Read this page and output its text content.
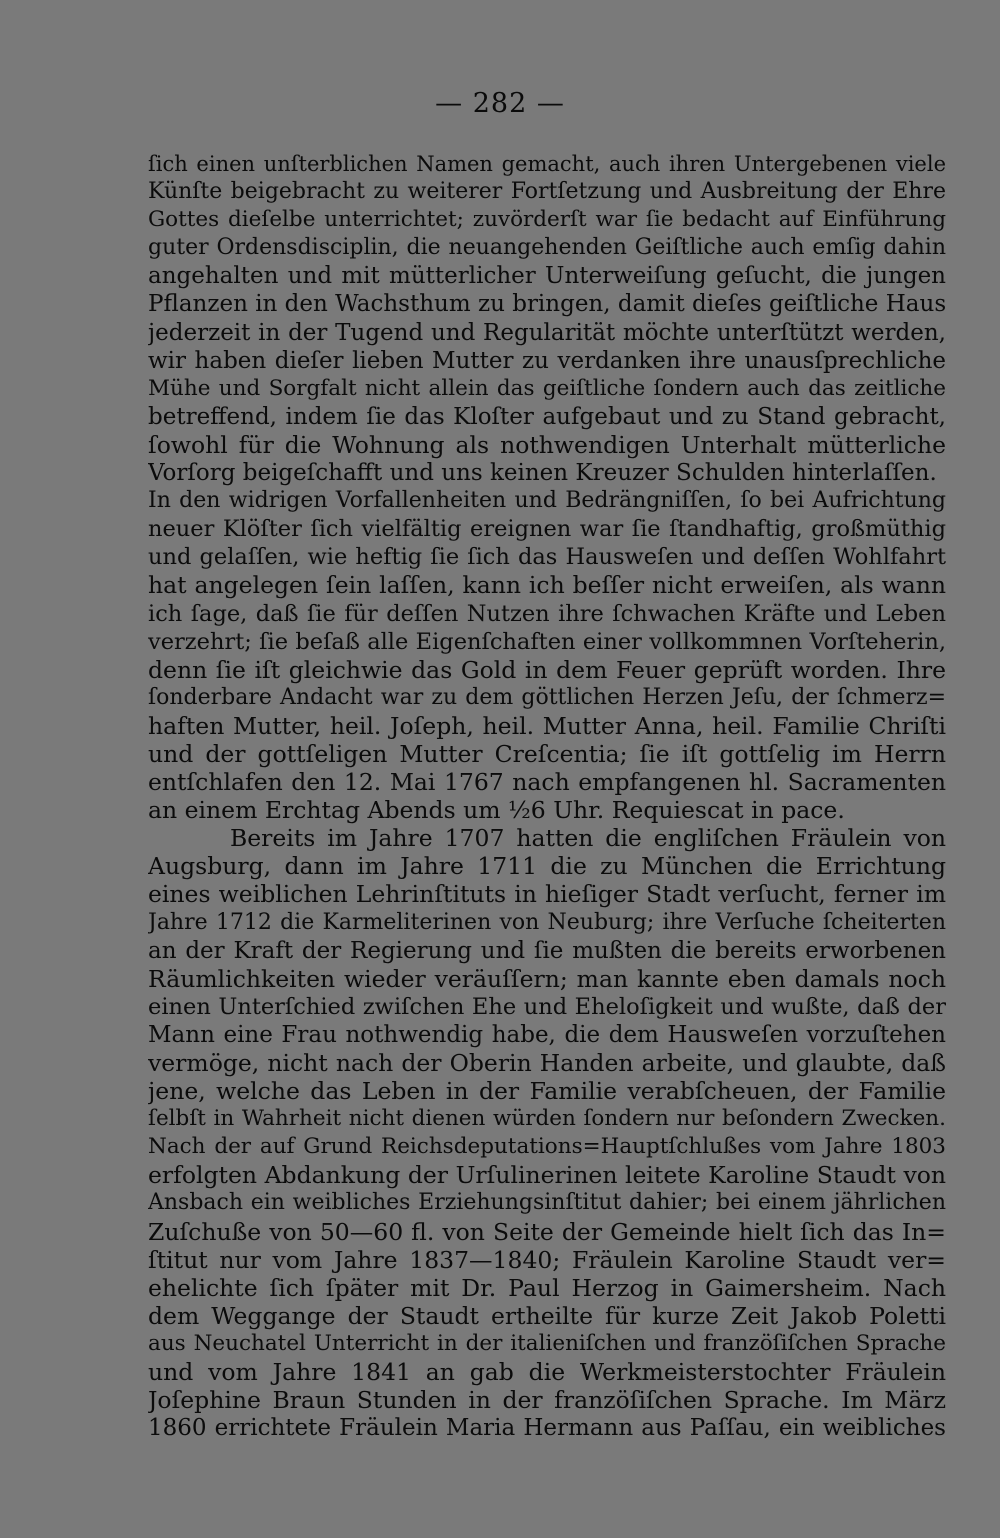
— 282 —
ſich einen unſterblichen Namen gemacht, auch ihren Untergebenen viele
Künſte beigebracht zu weiterer Fortſetzung und Ausbreitung der Ehre
Gottes dieſelbe unterrichtet; zuvörderſt war ſie bedacht auf Einführung
guter Ordensdisciplin, die neuangehenden Geiſtliche auch emſig dahin
angehalten und mit mütterlicher Unterweiſung geſucht, die jungen
Pflanzen in den Wachsthum zu bringen, damit dieſes geiſtliche Haus
jederzeit in der Tugend und Regularität möchte unterſtützt werden,
wir haben dieſer lieben Mutter zu verdanken ihre unausſprechliche
Mühe und Sorgfalt nicht allein das geiſtliche ſondern auch das zeitliche
betreffend, indem ſie das Kloſter aufgebaut und zu Stand gebracht,
ſowohl für die Wohnung als nothwendigen Unterhalt mütterliche
Vorſorg beigeſchafft und uns keinen Kreuzer Schulden hinterlaſſen.
In den widrigen Vorfallenheiten und Bedrängniſſen, ſo bei Aufrichtung
neuer Klöſter ſich vielfältig ereignen war ſie ſtandhaftig, großmüthig
und gelaſſen, wie heftig ſie ſich das Hausweſen und deſſen Wohlfahrt
hat angelegen ſein laſſen, kann ich beſſer nicht erweiſen, als wann
ich ſage, daß ſie für deſſen Nutzen ihre ſchwachen Kräfte und Leben
verzehrt; ſie beſaß alle Eigenſchaften einer vollkommnen Vorſteherin,
denn ſie iſt gleichwie das Gold in dem Feuer geprüft worden. Ihre
ſonderbare Andacht war zu dem göttlichen Herzen Jeſu, der ſchmerz=
haften Mutter, heil. Joſeph, heil. Mutter Anna, heil. Familie Chriſti
und der gottſeligen Mutter Creſcentia; ſie iſt gottſelig im Herrn
entſchlafen den 12. Mai 1767 nach empfangenen hl. Sacramenten
an einem Erchtag Abends um ½6 Uhr. Requiescat in pace.
Bereits im Jahre 1707 hatten die engliſchen Fräulein von
Augsburg, dann im Jahre 1711 die zu München die Errichtung
eines weiblichen Lehrinſtituts in hieſiger Stadt verſucht, ferner im
Jahre 1712 die Karmeliterinen von Neuburg; ihre Verſuche ſcheiterten
an der Kraft der Regierung und ſie mußten die bereits erworbenen
Räumlichkeiten wieder veräuſſern; man kannte eben damals noch
einen Unterſchied zwiſchen Ehe und Eheloſigkeit und wußte, daß der
Mann eine Frau nothwendig habe, die dem Hausweſen vorzuſtehen
vermöge, nicht nach der Oberin Handen arbeite, und glaubte, daß
jene, welche das Leben in der Familie verabſcheuen, der Familie
ſelbſt in Wahrheit nicht dienen würden ſondern nur beſondern Zwecken.
Nach der auf Grund Reichsdeputations=Hauptſchlußes vom Jahre 1803
erfolgten Abdankung der Urſulinerinen leitete Karoline Staudt von
Ansbach ein weibliches Erziehungsinſtitut dahier; bei einem jährlichen
Zuſchuße von 50—60 fl. von Seite der Gemeinde hielt ſich das In=
ſtitut nur vom Jahre 1837—1840; Fräulein Karoline Staudt ver=
ehelichte ſich ſpäter mit Dr. Paul Herzog in Gaimersheim. Nach
dem Weggange der Staudt ertheilte für kurze Zeit Jakob Poletti
aus Neuchatel Unterricht in der italieniſchen und franzöſiſchen Sprache
und vom Jahre 1841 an gab die Werkmeisterstochter Fräulein
Joſephine Braun Stunden in der franzöſiſchen Sprache. Im März
1860 errichtete Fräulein Maria Hermann aus Paſſau, ein weibliches
